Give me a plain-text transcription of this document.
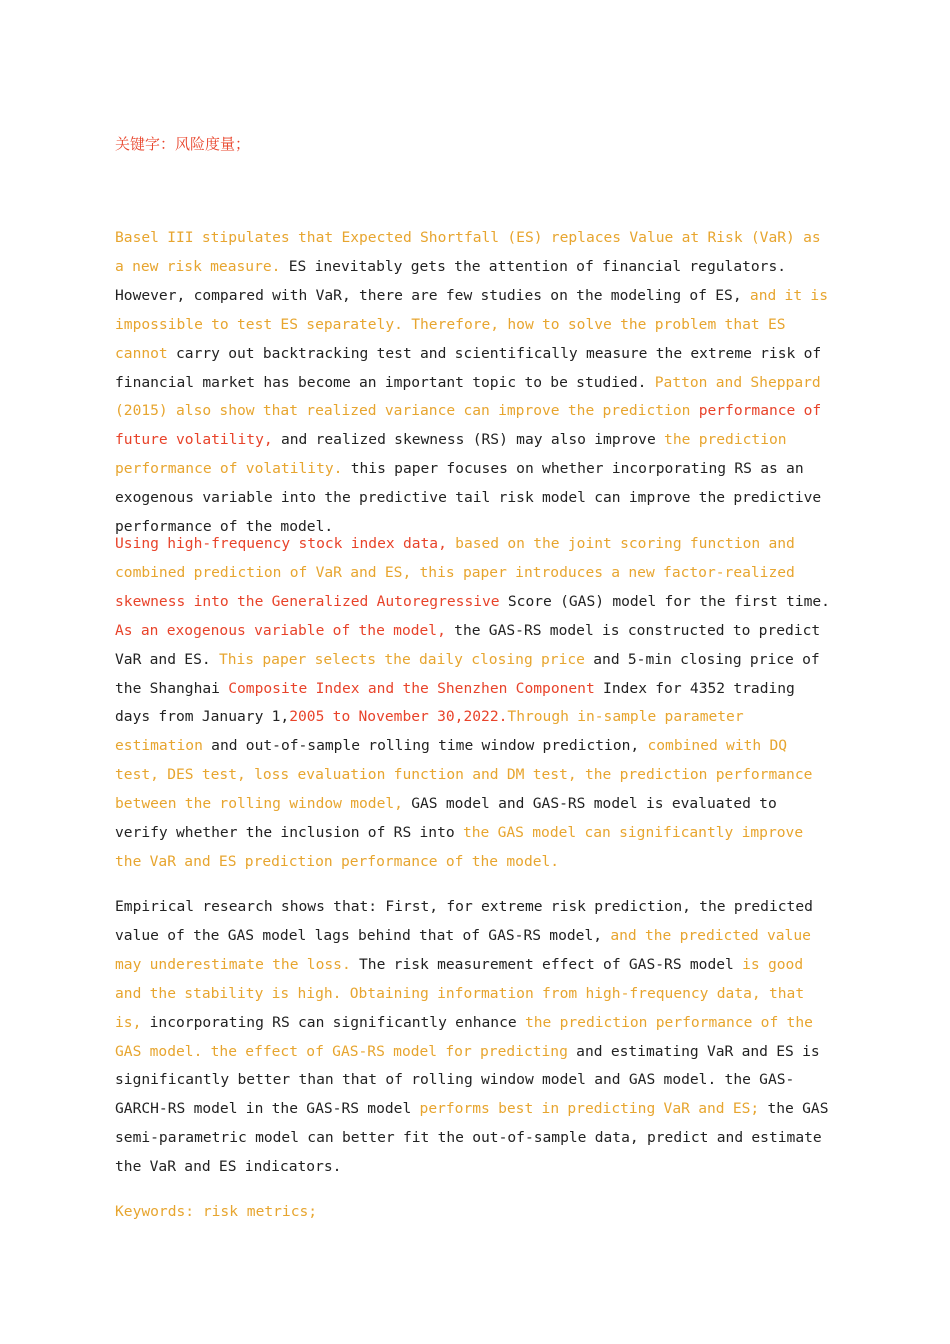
关键字：风险度量；
Basel III stipulates that Expected Shortfall (ES) replaces Value at Risk (VaR) as a new risk measure. ES inevitably gets the attention of financial regulators. However, compared with VaR, there are few studies on the modeling of ES, and it is impossible to test ES separately. Therefore, how to solve the problem that ES cannot carry out backtracking test and scientifically measure the extreme risk of financial market has become an important topic to be studied. Patton and Sheppard (2015) also show that realized variance can improve the prediction performance of future volatility, and realized skewness (RS) may also improve the prediction performance of volatility. this paper focuses on whether incorporating RS as an exogenous variable into the predictive tail risk model can improve the predictive performance of the model.
Using high-frequency stock index data, based on the joint scoring function and combined prediction of VaR and ES, this paper introduces a new factor-realized skewness into the Generalized Autoregressive Score (GAS) model for the first time. As an exogenous variable of the model, the GAS-RS model is constructed to predict VaR and ES. This paper selects the daily closing price and 5-min closing price of the Shanghai Composite Index and the Shenzhen Component Index for 4352 trading days from January 1,2005 to November 30,2022.Through in-sample parameter estimation and out-of-sample rolling time window prediction, combined with DQ test, DES test, loss evaluation function and DM test, the prediction performance between the rolling window model, GAS model and GAS-RS model is evaluated to verify whether the inclusion of RS into the GAS model can significantly improve the VaR and ES prediction performance of the model.
Empirical research shows that: First, for extreme risk prediction, the predicted value of the GAS model lags behind that of GAS-RS model, and the predicted value may underestimate the loss. The risk measurement effect of GAS-RS model is good and the stability is high. Obtaining information from high-frequency data, that is, incorporating RS can significantly enhance the prediction performance of the GAS model. the effect of GAS-RS model for predicting and estimating VaR and ES is significantly better than that of rolling window model and GAS model. the GAS-GARCH-RS model in the GAS-RS model performs best in predicting VaR and ES; the GAS semi-parametric model can better fit the out-of-sample data, predict and estimate the VaR and ES indicators.
Keywords: risk metrics;
